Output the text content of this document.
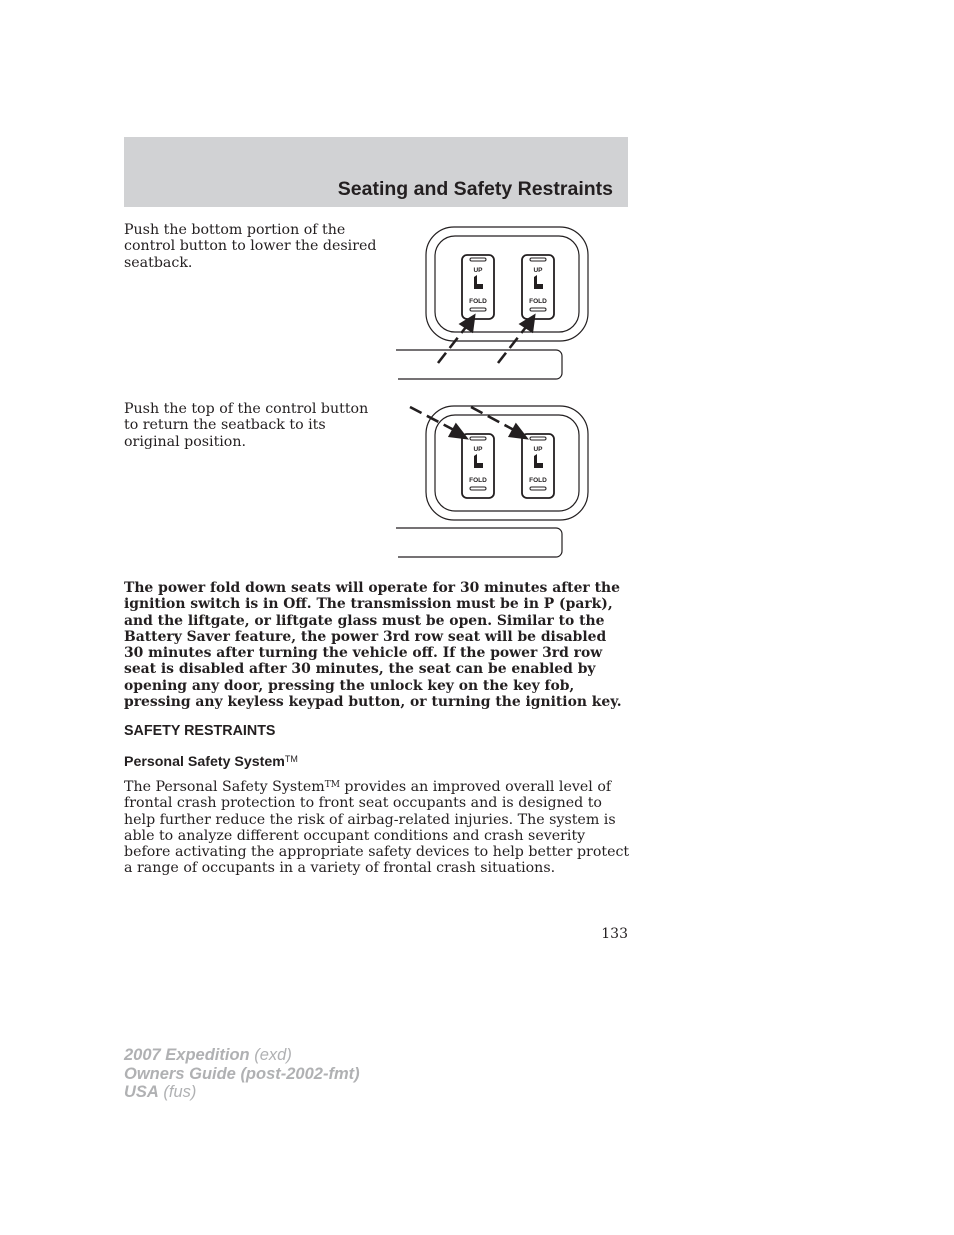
Seating and Safety Restraints

Push the bottom portion of the control button to lower the desired seatback.	UP
FOLD
UP
FOLD

Push the top of the control button to return the seatback to its original position.	UP
FOLD
UP
FOLD

The power fold down seats will operate for 30 minutes after the ignition switch is in Off. The transmission must be in P (park), and the liftgate, or liftgate glass must be open. Similar to the Battery Saver feature, the power 3rd row seat will be disabled 30 minutes after turning the vehicle off. If the power 3rd row seat is disabled after 30 minutes, the seat can be enabled by opening any door, pressing the unlock key on the key fob, pressing any keyless keypad button, or turning the ignition key.

SAFETY RESTRAINTS
Personal Safety System™

The Personal Safety System™ provides an improved overall level of frontal crash protection to front seat occupants and is designed to help further reduce the risk of airbag-related injuries. The system is able to analyze different occupant conditions and crash severity before activating the appropriate safety devices to help better protect a range of occupants in a variety of frontal crash situations.

133
2007 Expedition (exd)
Owners Guide (post-2002-fmt)
USA (fus)
